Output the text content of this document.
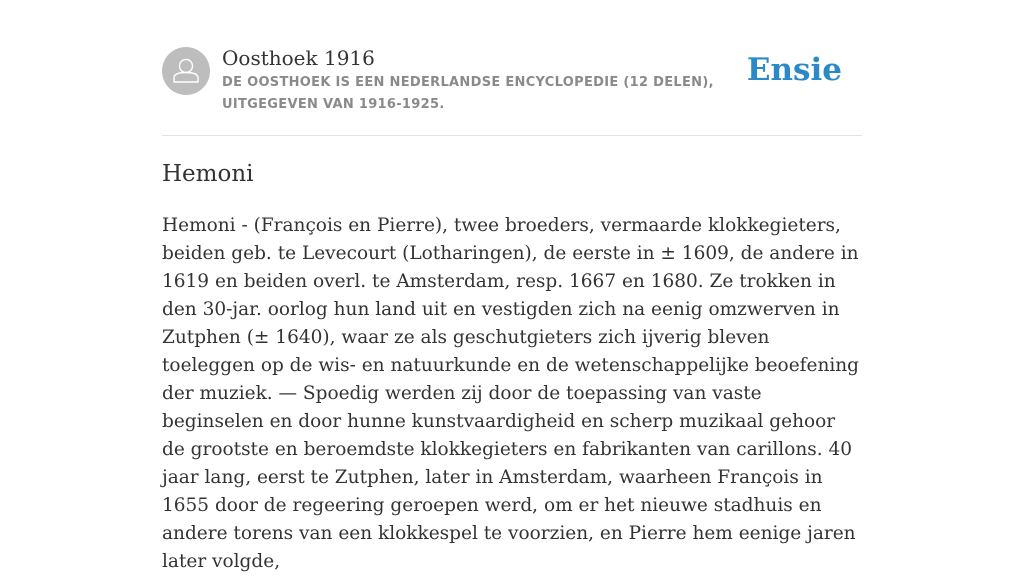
Oosthoek 1916
DE OOSTHOEK IS EEN NEDERLANDSE ENCYCLOPEDIE (12 DELEN), UITGEGEVEN VAN 1916-1925.
Ensie
Hemoni

Hemoni - (François en Pierre), twee broeders, vermaarde klokkegieters, beiden geb. te Levecourt (Lotharingen), de eerste in ± 1609, de andere in 1619 en beiden overl. te Amsterdam, resp. 1667 en 1680. Ze trokken in den 30-jar. oorlog hun land uit en vestigden zich na eenig omzwerven in Zutphen (± 1640), waar ze als geschutgieters zich ijverig bleven toeleggen op de wis- en natuurkunde en de wetenschappelijke beoefening der muziek. — Spoedig werden zij door de toepassing van vaste beginselen en door hunne kunstvaardigheid en scherp muzikaal gehoor de grootste en beroemdste klokkegieters en fabrikanten van carillons. 40 jaar lang, eerst te Zutphen, later in Amsterdam, waarheen François in 1655 door de regeering geroepen werd, om er het nieuwe stadhuis en andere torens van een klokkespel te voorzien, en Pierre hem eenige jaren later volgde,
